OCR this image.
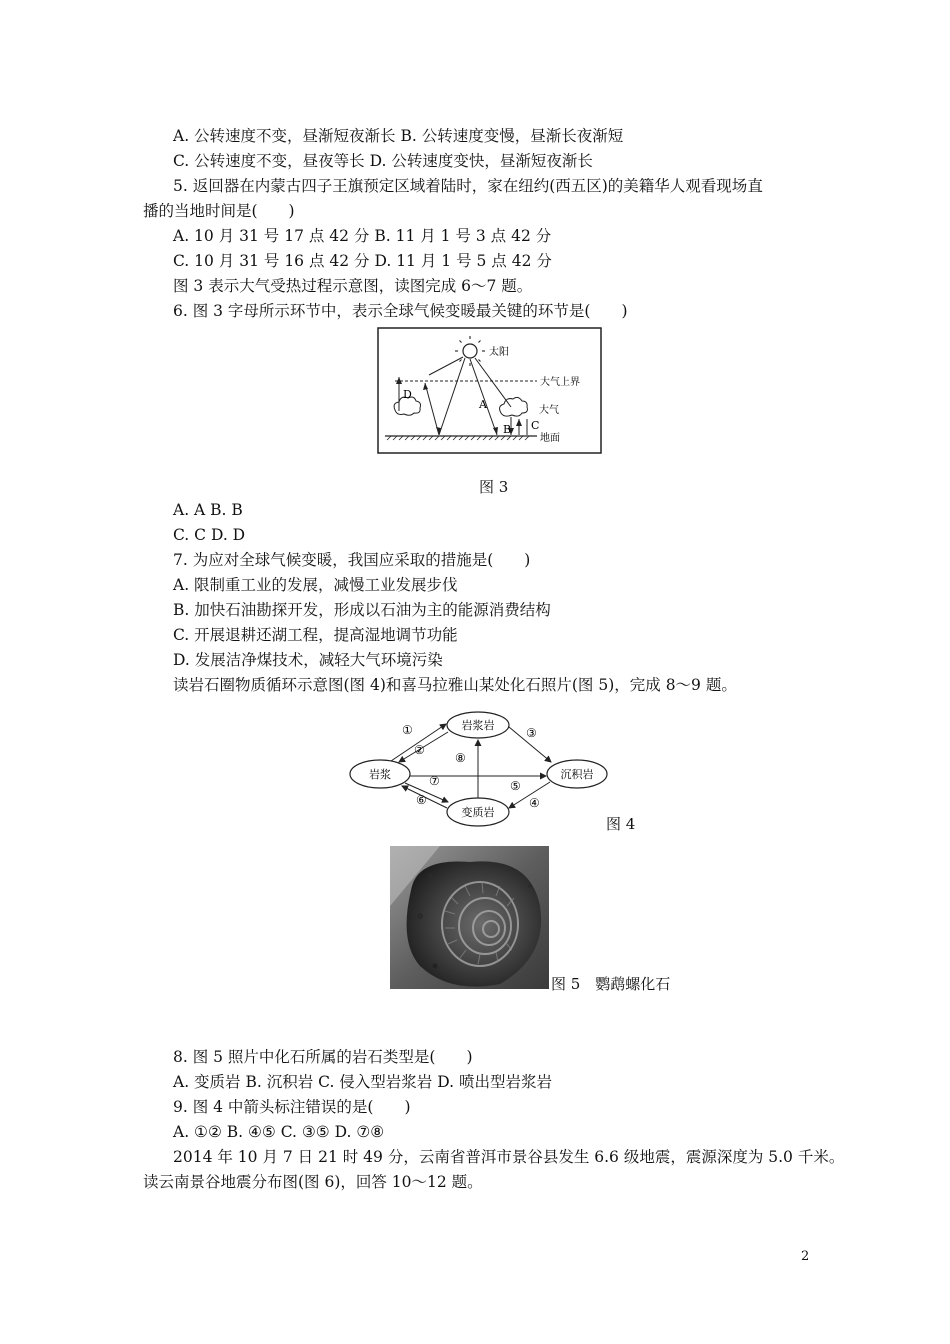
A. 公转速度不变，昼渐短夜渐长 B. 公转速度变慢，昼渐长夜渐短
C. 公转速度不变，昼夜等长 D. 公转速度变快，昼渐短夜渐长
5. 返回器在内蒙古四子王旗预定区域着陆时，家在纽约(西五区)的美籍华人观看现场直
播的当地时间是(　　)
A. 10 月 31 号 17 点 42 分 B. 11 月 1 号 3 点 42 分
C. 10 月 31 号 16 点 42 分 D. 11 月 1 号 5 点 42 分
图 3 表示大气受热过程示意图，读图完成 6～7 题。
6. 图 3 字母所示环节中，表示全球气候变暖最关键的环节是(　　)
太阳
大气上界
地面
D
A	大气
B C
图 3
A. A B. B
C. C D. D
7. 为应对全球气候变暖，我国应采取的措施是(　　)
A. 限制重工业的发展，减慢工业发展步伐
B. 加快石油勘探开发，形成以石油为主的能源消费结构
C. 开展退耕还湖工程，提高湿地调节功能
D. 发展洁净煤技术，减轻大气环境污染
读岩石圈物质循环示意图(图 4)和喜马拉雅山某处化石照片(图 5)，完成 8～9 题。
岩浆岩
岩浆	沉积岩
变质岩
①
②
③
④
⑤
⑥
⑦
⑧
图 4
图 5　鹦鹉螺化石
8. 图 5 照片中化石所属的岩石类型是(　　)
A. 变质岩 B. 沉积岩 C. 侵入型岩浆岩 D. 喷出型岩浆岩
9. 图 4 中箭头标注错误的是(　　)
A. ①② B. ④⑤ C. ③⑤ D. ⑦⑧
2014 年 10 月 7 日 21 时 49 分，云南省普洱市景谷县发生 6.6 级地震，震源深度为 5.0 千米。
读云南景谷地震分布图(图 6)，回答 10～12 题。
2
